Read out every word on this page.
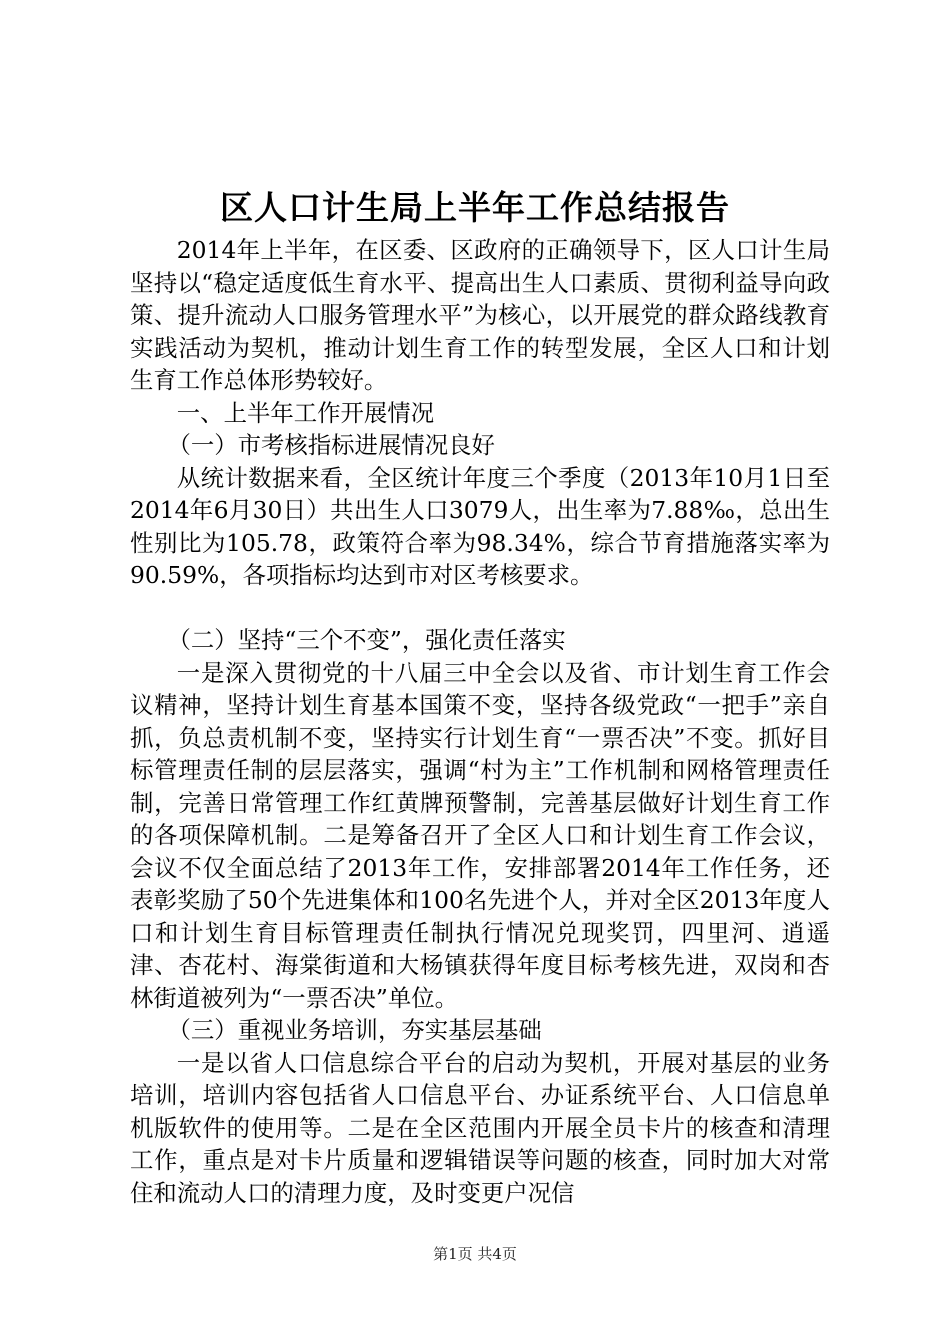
区人口计生局上半年工作总结报告

2014年上半年，在区委、区政府的正确领导下，区人口计生局坚持以“稳定适度低生育水平、提高出生人口素质、贯彻利益导向政策、提升流动人口服务管理水平”为核心，以开展党的群众路线教育实践活动为契机，推动计划生育工作的转型发展，全区人口和计划生育工作总体形势较好。

一、上半年工作开展情况

（一）市考核指标进展情况良好

从统计数据来看，全区统计年度三个季度（2013年10月1日至2014年6月30日）共出生人口3079人，出生率为7.88‰，总出生性别比为105.78，政策符合率为98.34%，综合节育措施落实率为90.59%，各项指标均达到市对区考核要求。

（二）坚持“三个不变”，强化责任落实

一是深入贯彻党的十八届三中全会以及省、市计划生育工作会议精神，坚持计划生育基本国策不变，坚持各级党政“一把手”亲自抓，负总责机制不变，坚持实行计划生育“一票否决”不变。抓好目标管理责任制的层层落实，强调“村为主”工作机制和网格管理责任制，完善日常管理工作红黄牌预警制，完善基层做好计划生育工作的各项保障机制。二是筹备召开了全区人口和计划生育工作会议，会议不仅全面总结了2013年工作，安排部署2014年工作任务，还表彰奖励了50个先进集体和100名先进个人，并对全区2013年度人口和计划生育目标管理责任制执行情况兑现奖罚，四里河、逍遥津、杏花村、海棠街道和大杨镇获得年度目标考核先进，双岗和杏林街道被列为“一票否决”单位。

（三）重视业务培训，夯实基层基础

一是以省人口信息综合平台的启动为契机，开展对基层的业务培训，培训内容包括省人口信息平台、办证系统平台、人口信息单机版软件的使用等。二是在全区范围内开展全员卡片的核查和清理工作，重点是对卡片质量和逻辑错误等问题的核查，同时加大对常住和流动人口的清理力度，及时变更户况信

第1页 共4页
